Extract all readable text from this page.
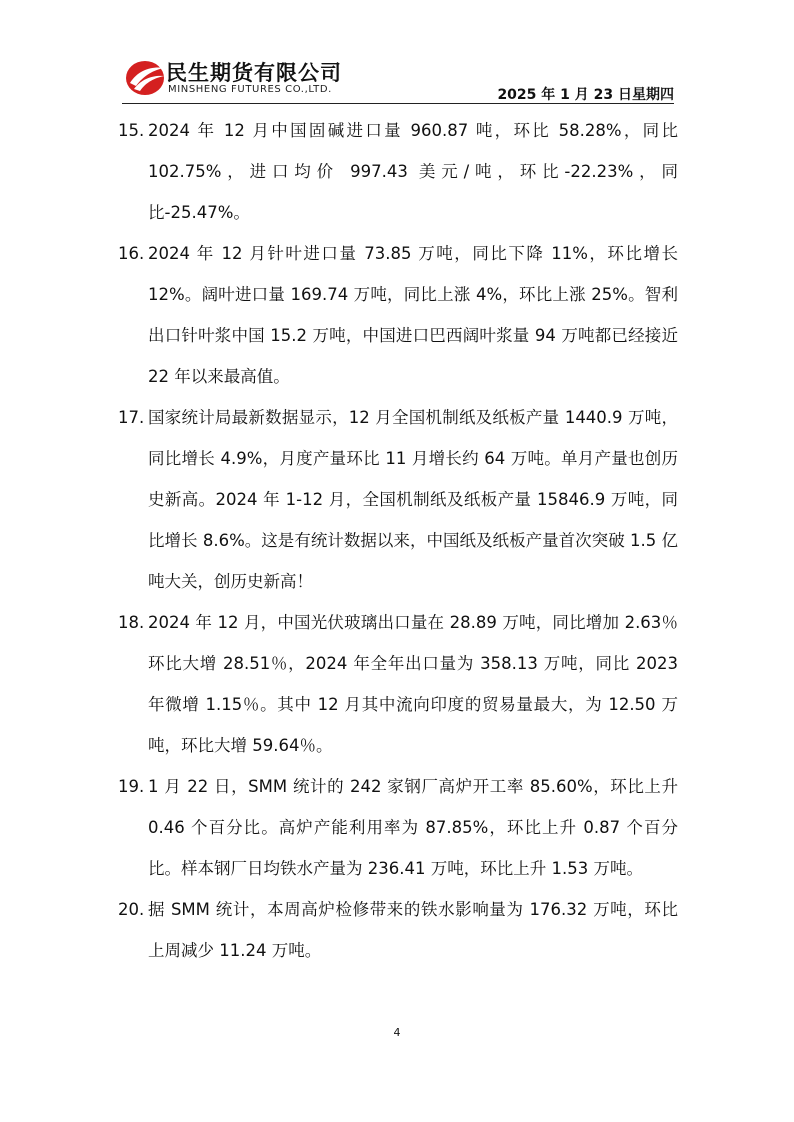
民生期货有限公司
MINSHENG FUTURES CO.,LTD.	2025 年 1 月 23 日星期四
15. 2024 年 12 月中国固碱进口量 960.87 吨，环比 58.28%，同比 102.75%，进口均价 997.43 美元/吨，环比-22.23%，同比-25.47%。
16. 2024 年 12 月针叶进口量 73.85 万吨，同比下降 11%，环比增长 12%。阔叶进口量 169.74 万吨，同比上涨 4%，环比上涨 25%。智利出口针叶浆中国 15.2 万吨，中国进口巴西阔叶浆量 94 万吨都已经接近 22 年以来最高值。
17. 国家统计局最新数据显示，12 月全国机制纸及纸板产量 1440.9 万吨，同比增长 4.9%，月度产量环比 11 月增长约 64 万吨。单月产量也创历史新高。2024 年 1-12 月，全国机制纸及纸板产量 15846.9 万吨，同比增长 8.6%。这是有统计数据以来，中国纸及纸板产量首次突破 1.5 亿吨大关，创历史新高！
18. 2024 年 12 月，中国光伏玻璃出口量在 28.89 万吨，同比增加 2.63％环比大增 28.51％，2024 年全年出口量为 358.13 万吨，同比 2023 年微增 1.15％。其中 12 月其中流向印度的贸易量最大，为 12.50 万吨，环比大增 59.64％。
19. 1 月 22 日，SMM 统计的 242 家钢厂高炉开工率 85.60%，环比上升 0.46 个百分比。高炉产能利用率为 87.85%，环比上升 0.87 个百分比。样本钢厂日均铁水产量为 236.41 万吨，环比上升 1.53 万吨。
20. 据 SMM 统计，本周高炉检修带来的铁水影响量为 176.32 万吨，环比上周减少 11.24 万吨。
4
